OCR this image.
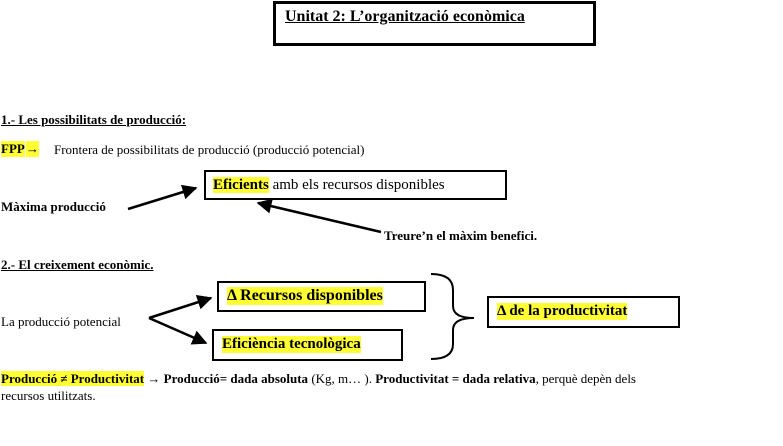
Unitat 2: L’organització econòmica
1.- Les possibilitats de producció:
FPP → Frontera de possibilitats de producció (producció potencial)
Màxima producció
Eficients amb els recursos disponibles
Treure’n el màxim benefici.
2.- El creixement econòmic.
La producció potencial
Δ Recursos disponibles
Eficiència tecnològica
Δ de la productivitat
Producció ≠ Productivitat → Producció= dada absoluta (Kg, m… ). Productivitat = dada relativa, perquè depèn dels
recursos utilitzats.
